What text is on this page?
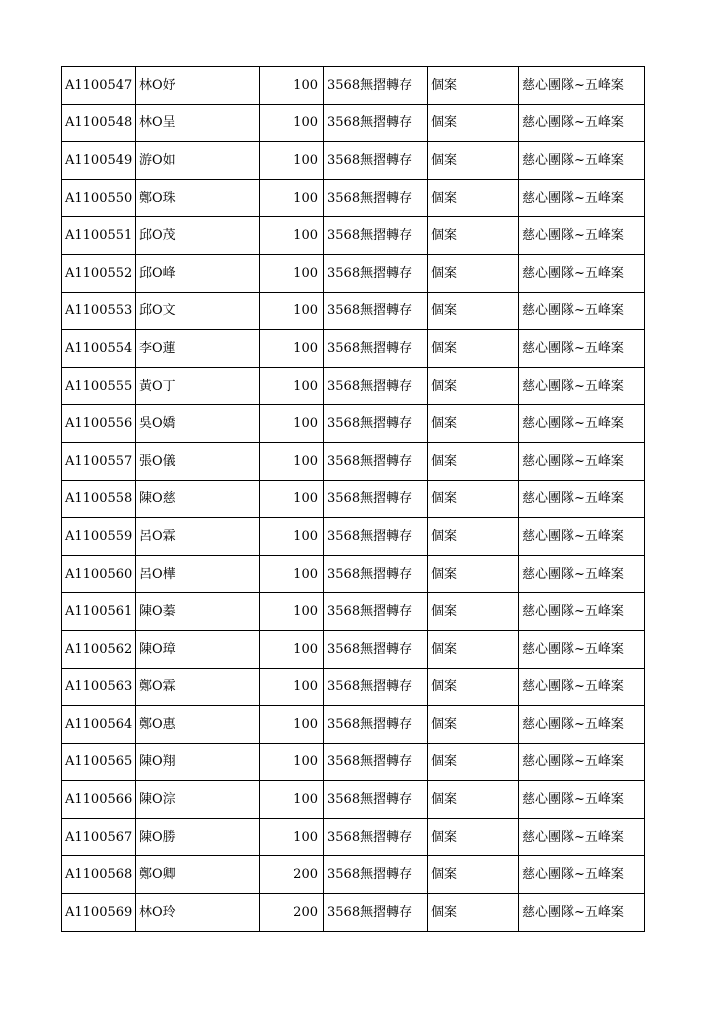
A1100547	林O妤	100	3568無摺轉存	個案	慈心團隊~五峰案
A1100548	林O呈	100	3568無摺轉存	個案	慈心團隊~五峰案
A1100549	游O如	100	3568無摺轉存	個案	慈心團隊~五峰案
A1100550	鄭O珠	100	3568無摺轉存	個案	慈心團隊~五峰案
A1100551	邱O茂	100	3568無摺轉存	個案	慈心團隊~五峰案
A1100552	邱O峰	100	3568無摺轉存	個案	慈心團隊~五峰案
A1100553	邱O文	100	3568無摺轉存	個案	慈心團隊~五峰案
A1100554	李O蓮	100	3568無摺轉存	個案	慈心團隊~五峰案
A1100555	黃O丁	100	3568無摺轉存	個案	慈心團隊~五峰案
A1100556	吳O嬌	100	3568無摺轉存	個案	慈心團隊~五峰案
A1100557	張O儀	100	3568無摺轉存	個案	慈心團隊~五峰案
A1100558	陳O慈	100	3568無摺轉存	個案	慈心團隊~五峰案
A1100559	呂O霖	100	3568無摺轉存	個案	慈心團隊~五峰案
A1100560	呂O樺	100	3568無摺轉存	個案	慈心團隊~五峰案
A1100561	陳O蓁	100	3568無摺轉存	個案	慈心團隊~五峰案
A1100562	陳O璋	100	3568無摺轉存	個案	慈心團隊~五峰案
A1100563	鄭O霖	100	3568無摺轉存	個案	慈心團隊~五峰案
A1100564	鄭O惠	100	3568無摺轉存	個案	慈心團隊~五峰案
A1100565	陳O翔	100	3568無摺轉存	個案	慈心團隊~五峰案
A1100566	陳O淙	100	3568無摺轉存	個案	慈心團隊~五峰案
A1100567	陳O勝	100	3568無摺轉存	個案	慈心團隊~五峰案
A1100568	鄭O卿	200	3568無摺轉存	個案	慈心團隊~五峰案
A1100569	林O玲	200	3568無摺轉存	個案	慈心團隊~五峰案
